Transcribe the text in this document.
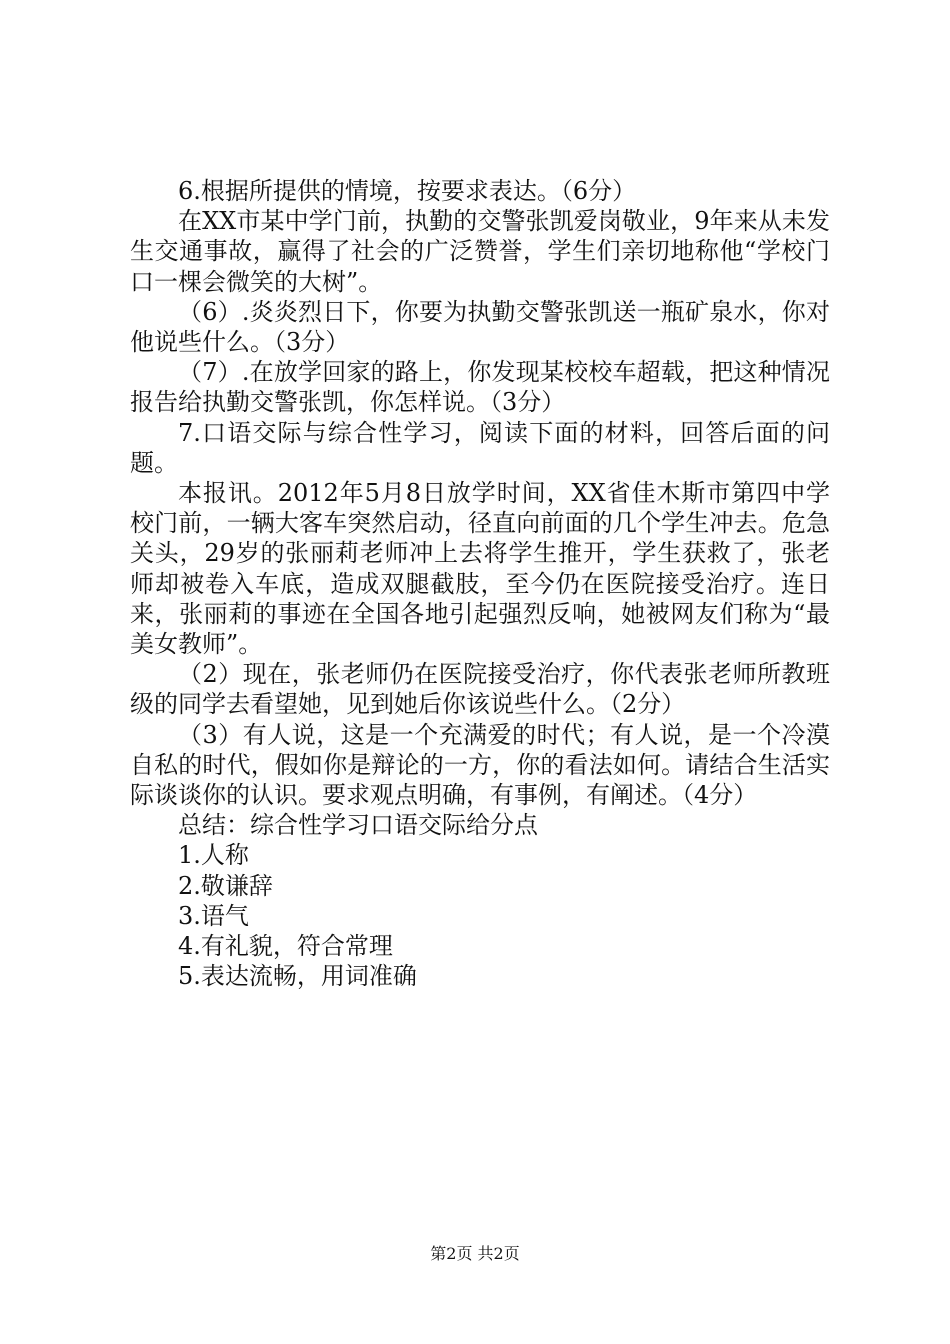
6.根据所提供的情境，按要求表达。（6分）

在XX市某中学门前，执勤的交警张凯爱岗敬业，9年来从未发生交通事故，赢得了社会的广泛赞誉，学生们亲切地称他“学校门口一棵会微笑的大树”。

（6）.炎炎烈日下，你要为执勤交警张凯送一瓶矿泉水，你对他说些什么。（3分）

（7）.在放学回家的路上，你发现某校校车超载，把这种情况报告给执勤交警张凯，你怎样说。（3分）

7.口语交际与综合性学习，阅读下面的材料，回答后面的问题。

本报讯。2012年5月8日放学时间，XX省佳木斯市第四中学校门前，一辆大客车突然启动，径直向前面的几个学生冲去。危急关头，29岁的张丽莉老师冲上去将学生推开，学生获救了，张老师却被卷入车底，造成双腿截肢，至今仍在医院接受治疗。连日来，张丽莉的事迹在全国各地引起强烈反响，她被网友们称为“最美女教师”。

（2）现在，张老师仍在医院接受治疗，你代表张老师所教班级的同学去看望她，见到她后你该说些什么。（2分）

（3）有人说，这是一个充满爱的时代；有人说，是一个冷漠自私的时代，假如你是辩论的一方，你的看法如何。请结合生活实际谈谈你的认识。要求观点明确，有事例，有阐述。（4分）

总结：综合性学习口语交际给分点

1.人称

2.敬谦辞

3.语气

4.有礼貌，符合常理

5.表达流畅，用词准确

第2页 共2页
